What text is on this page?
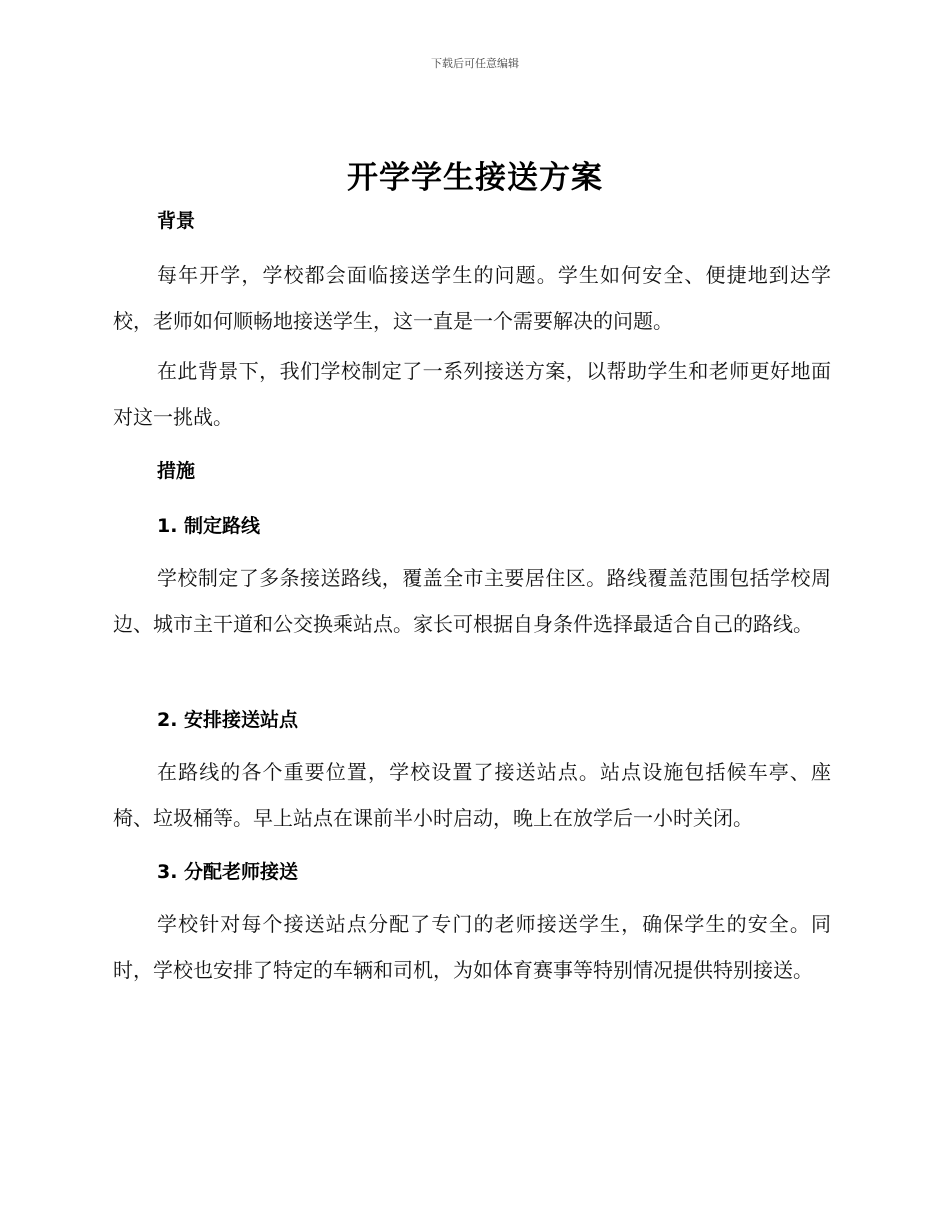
下载后可任意编辑
开学学生接送方案
背景

每年开学，学校都会面临接送学生的问题。学生如何安全、便捷地到达学校，老师如何顺畅地接送学生，这一直是一个需要解决的问题。

在此背景下，我们学校制定了一系列接送方案，以帮助学生和老师更好地面对这一挑战。

措施
1. 制定路线

学校制定了多条接送路线，覆盖全市主要居住区。路线覆盖范围包括学校周边、城市主干道和公交换乘站点。家长可根据自身条件选择最适合自己的路线。

2. 安排接送站点

在路线的各个重要位置，学校设置了接送站点。站点设施包括候车亭、座椅、垃圾桶等。早上站点在课前半小时启动，晚上在放学后一小时关闭。

3. 分配老师接送

学校针对每个接送站点分配了专门的老师接送学生，确保学生的安全。同时，学校也安排了特定的车辆和司机，为如体育赛事等特别情况提供特别接送。
